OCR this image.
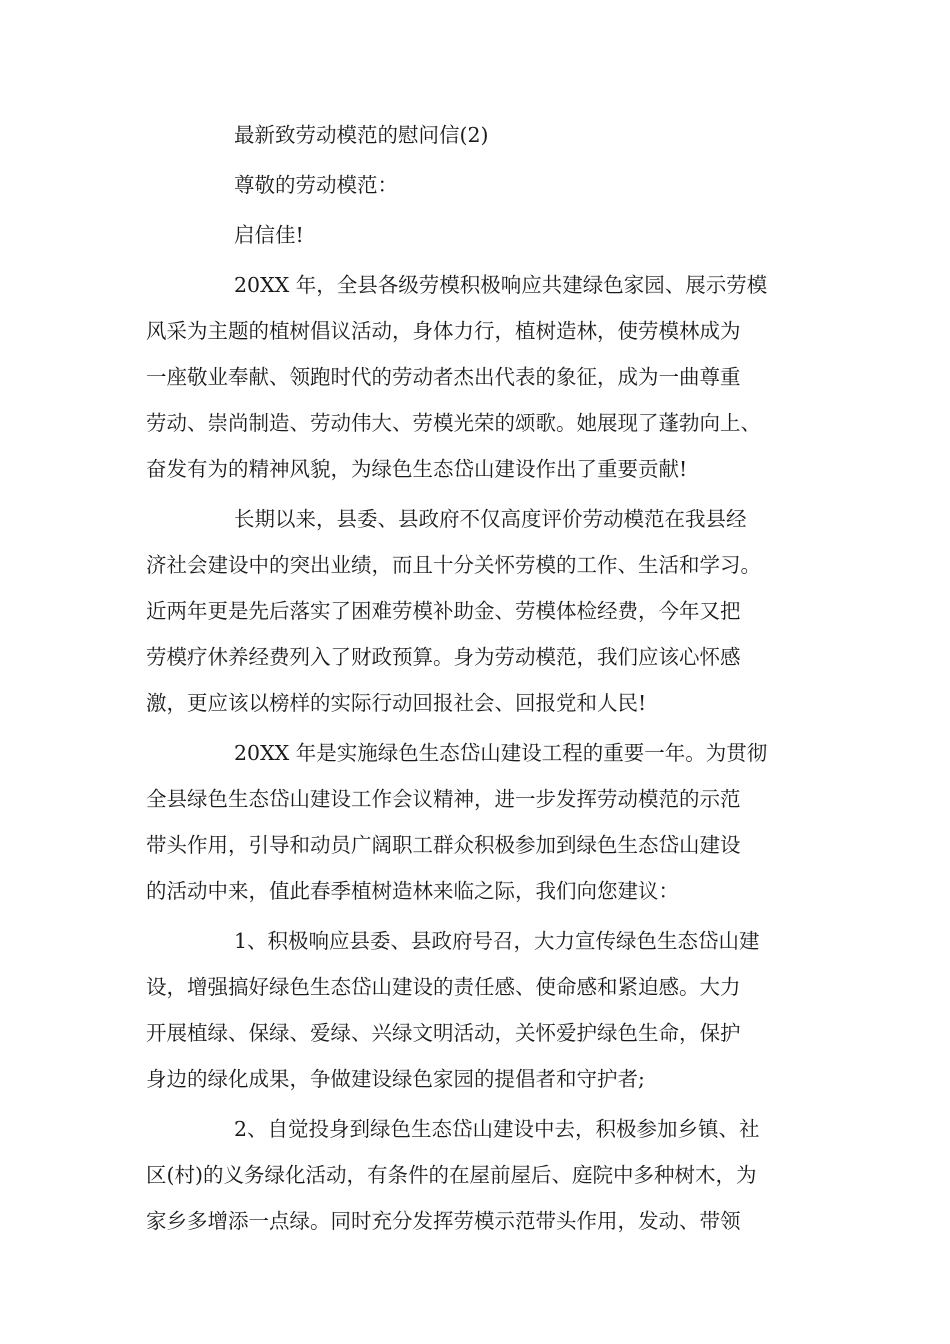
最新致劳动模范的慰问信(2)
尊敬的劳动模范：
启信佳!
20XX 年，全县各级劳模积极响应共建绿色家园、展示劳模
风采为主题的植树倡议活动，身体力行，植树造林，使劳模林成为
一座敬业奉献、领跑时代的劳动者杰出代表的象征，成为一曲尊重
劳动、崇尚制造、劳动伟大、劳模光荣的颂歌。她展现了蓬勃向上、
奋发有为的精神风貌，为绿色生态岱山建设作出了重要贡献!
长期以来，县委、县政府不仅高度评价劳动模范在我县经
济社会建设中的突出业绩，而且十分关怀劳模的工作、生活和学习。
近两年更是先后落实了困难劳模补助金、劳模体检经费，今年又把
劳模疗休养经费列入了财政预算。身为劳动模范，我们应该心怀感
激，更应该以榜样的实际行动回报社会、回报党和人民!
20XX 年是实施绿色生态岱山建设工程的重要一年。为贯彻
全县绿色生态岱山建设工作会议精神，进一步发挥劳动模范的示范
带头作用，引导和动员广阔职工群众积极参加到绿色生态岱山建设
的活动中来，值此春季植树造林来临之际，我们向您建议：
1、积极响应县委、县政府号召，大力宣传绿色生态岱山建
设，增强搞好绿色生态岱山建设的责任感、使命感和紧迫感。大力
开展植绿、保绿、爱绿、兴绿文明活动，关怀爱护绿色生命，保护
身边的绿化成果，争做建设绿色家园的提倡者和守护者;
2、自觉投身到绿色生态岱山建设中去，积极参加乡镇、社
区(村)的义务绿化活动，有条件的在屋前屋后、庭院中多种树木，为
家乡多增添一点绿。同时充分发挥劳模示范带头作用，发动、带领
